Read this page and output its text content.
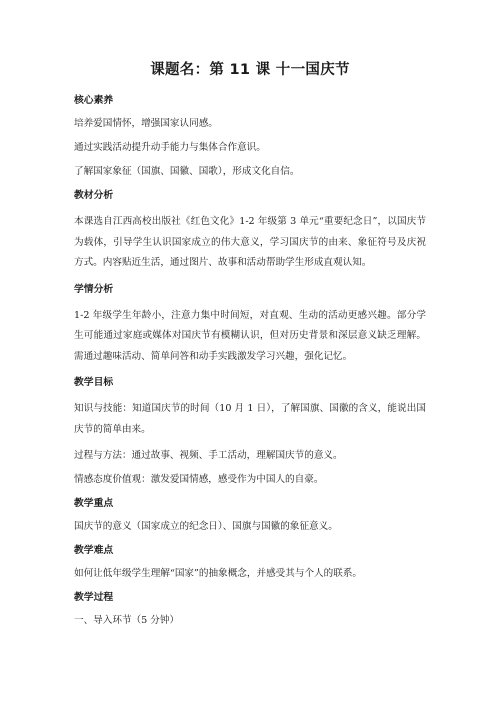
课题名：第 11 课 十一国庆节
核心素养
培养爱国情怀，增强国家认同感。
通过实践活动提升动手能力与集体合作意识。
了解国家象征（国旗、国徽、国歌），形成文化自信。
教材分析
本课选自江西高校出版社《红色文化》1-2 年级第 3 单元“重要纪念日”，以国庆节为载体，引导学生认识国家成立的伟大意义，学习国庆节的由来、象征符号及庆祝方式。内容贴近生活，通过图片、故事和活动帮助学生形成直观认知。
学情分析
1-2 年级学生年龄小，注意力集中时间短，对直观、生动的活动更感兴趣。部分学生可能通过家庭或媒体对国庆节有模糊认识，但对历史背景和深层意义缺乏理解。需通过趣味活动、简单问答和动手实践激发学习兴趣，强化记忆。
教学目标
知识与技能：知道国庆节的时间（10 月 1 日），了解国旗、国徽的含义，能说出国庆节的简单由来。
过程与方法：通过故事、视频、手工活动，理解国庆节的意义。
情感态度价值观：激发爱国情感，感受作为中国人的自豪。
教学重点
国庆节的意义（国家成立的纪念日）、国旗与国徽的象征意义。
教学难点
如何让低年级学生理解“国家”的抽象概念，并感受其与个人的联系。
教学过程
一、导入环节（5 分钟）
